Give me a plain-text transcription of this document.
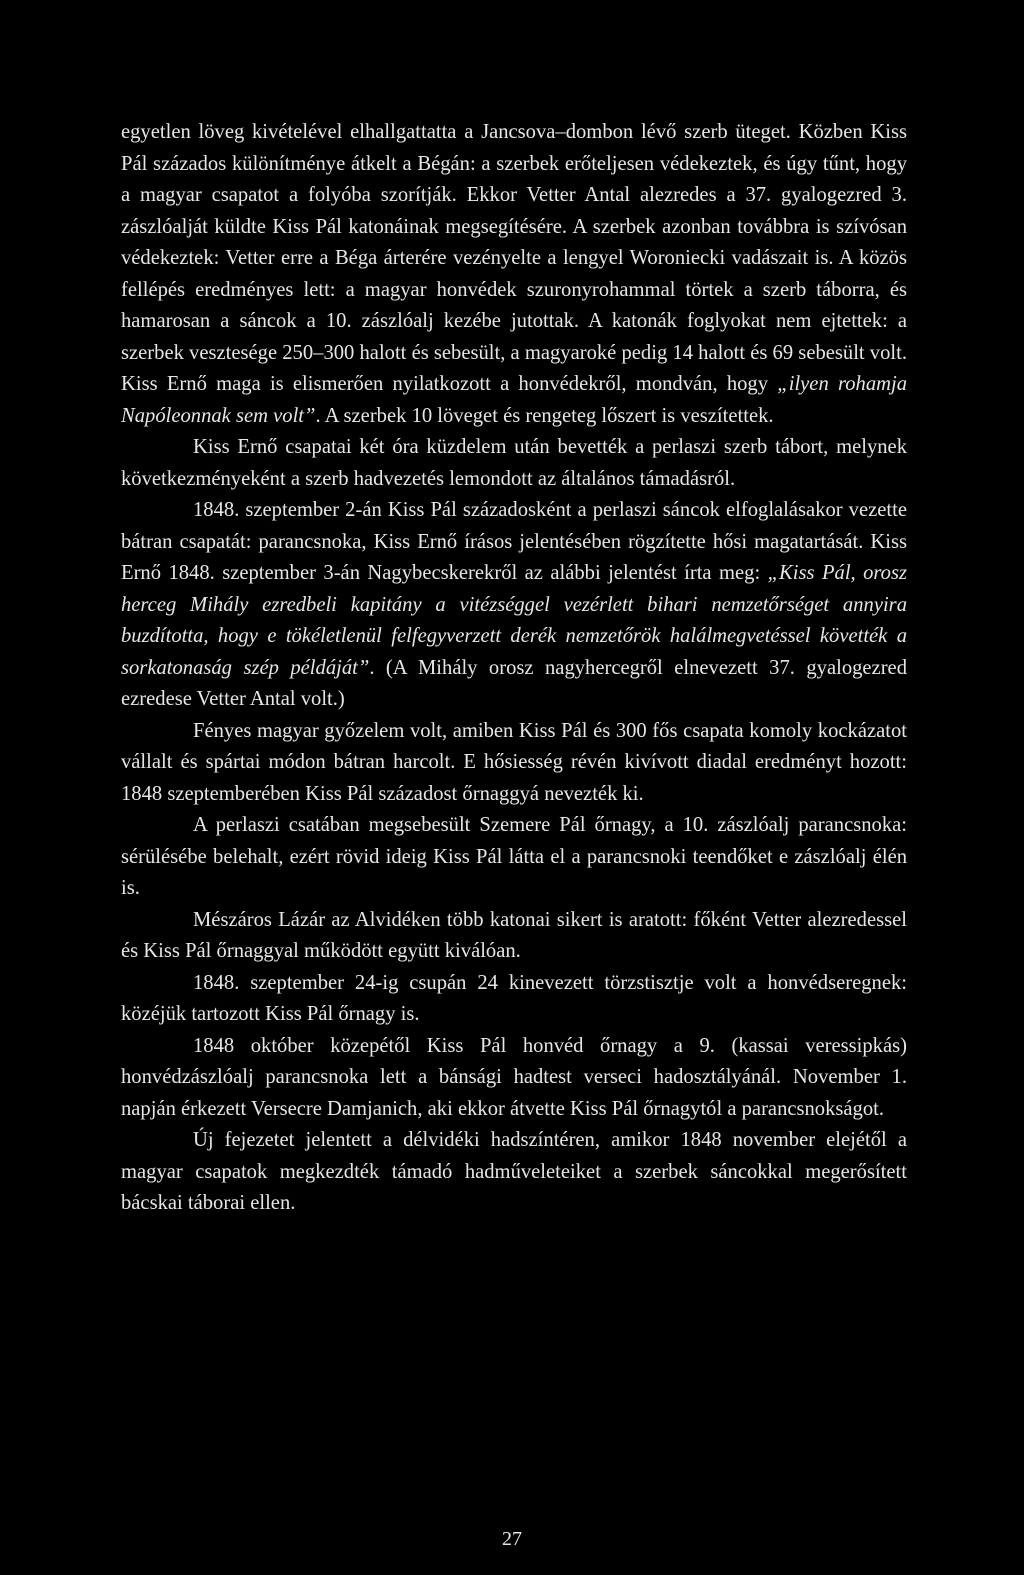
egyetlen löveg kivételével elhallgattatta a Jancsova–dombon lévő szerb üteget. Közben Kiss Pál százados különítménye átkelt a Bégán: a szerbek erőteljesen védekeztek, és úgy tűnt, hogy a magyar csapatot a folyóba szorítják. Ekkor Vetter Antal alezredes a 37. gyalogezred 3. zászlóalját küldte Kiss Pál katonáinak megsegítésére. A szerbek azonban továbbra is szívósan védekeztek: Vetter erre a Béga árterére vezényelte a lengyel Woroniecki vadászait is. A közös fellépés eredményes lett: a magyar honvédek szuronyrohammal törtek a szerb táborra, és hamarosan a sáncok a 10. zászlóalj kezébe jutottak. A katonák foglyokat nem ejtettek: a szerbek vesztesége 250–300 halott és sebesült, a magyaroké pedig 14 halott és 69 sebesült volt. Kiss Ernő maga is elismerően nyilatkozott a honvédekről, mondván, hogy „ilyen rohamja Napóleonnak sem volt”. A szerbek 10 löveget és rengeteg lőszert is veszítettek.

Kiss Ernő csapatai két óra küzdelem után bevették a perlaszi szerb tábort, melynek következményeként a szerb hadvezetés lemondott az általános támadásról.

1848. szeptember 2-án Kiss Pál századosként a perlaszi sáncok elfoglalásakor vezette bátran csapatát: parancsnoka, Kiss Ernő írásos jelentésében rögzítette hősi magatartását. Kiss Ernő 1848. szeptember 3-án Nagybecskerekről az alábbi jelentést írta meg: „Kiss Pál, orosz herceg Mihály ezredbeli kapitány a vitézséggel vezérlett bihari nemzetőrséget annyira buzdította, hogy e tökéletlenül felfegyverzett derék nemzetőrök halálmegvetéssel követték a sorkatonaság szép példáját”. (A Mihály orosz nagyhercegről elnevezett 37. gyalogezred ezredese Vetter Antal volt.)

Fényes magyar győzelem volt, amiben Kiss Pál és 300 fős csapata komoly kockázatot vállalt és spártai módon bátran harcolt. E hősiesség révén kivívott diadal eredményt hozott: 1848 szeptemberében Kiss Pál századost őrnaggyá nevezték ki.

A perlaszi csatában megsebesült Szemere Pál őrnagy, a 10. zászlóalj parancsnoka: sérülésébe belehalt, ezért rövid ideig Kiss Pál látta el a parancsnoki teendőket e zászlóalj élén is.

Mészáros Lázár az Alvidéken több katonai sikert is aratott: főként Vetter alezredessel és Kiss Pál őrnaggyal működött együtt kiválóan.

1848. szeptember 24-ig csupán 24 kinevezett törzstisztje volt a honvédseregnek: közéjük tartozott Kiss Pál őrnagy is.

1848 október közepétől Kiss Pál honvéd őrnagy a 9. (kassai veressipkás) honvédzászlóalj parancsnoka lett a bánsági hadtest verseci hadosztályánál. November 1. napján érkezett Versecre Damjanich, aki ekkor átvette Kiss Pál őrnagytól a parancsnokságot.

Új fejezetet jelentett a délvidéki hadszíntéren, amikor 1848 november elejétől a magyar csapatok megkezdték támadó hadműveleteiket a szerbek sáncokkal megerősített bácskai táborai ellen.

27
